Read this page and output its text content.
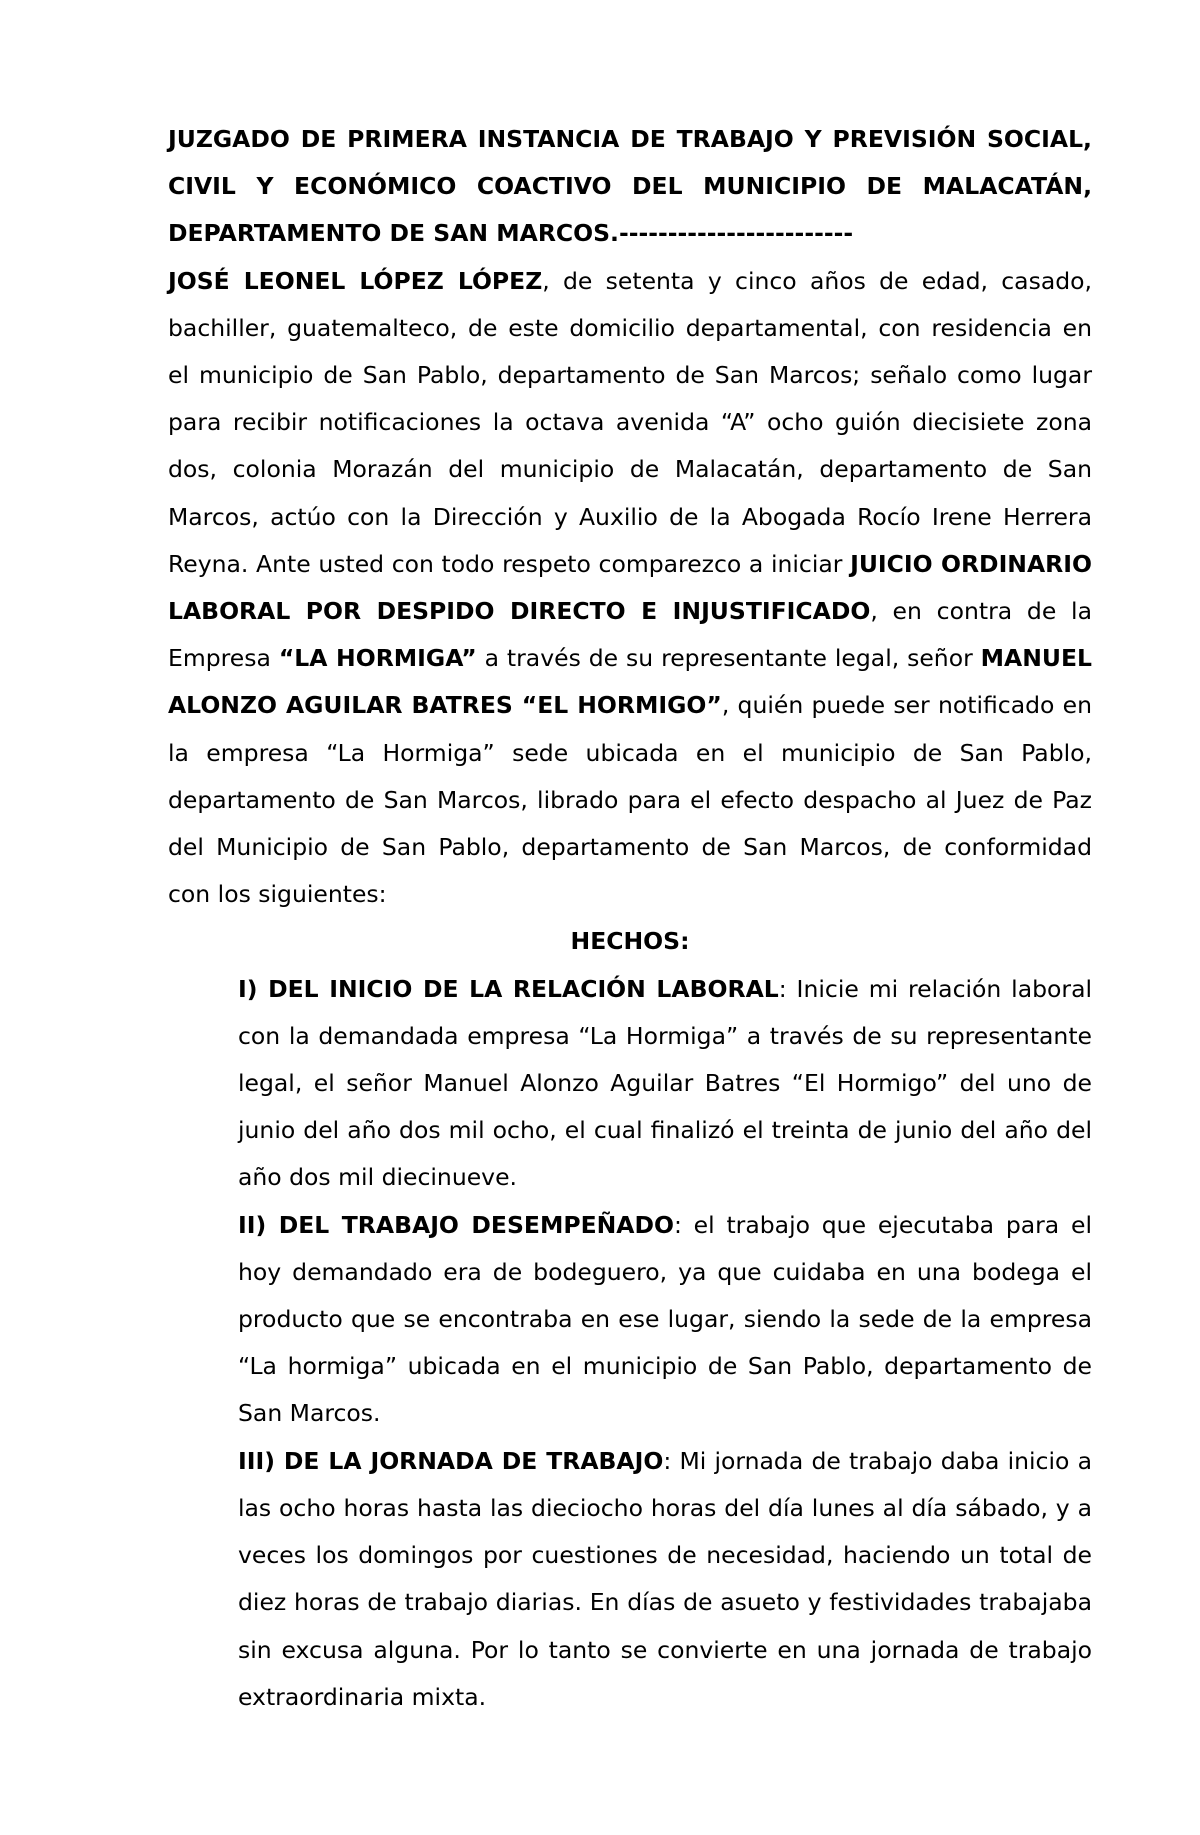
JUZGADO DE PRIMERA INSTANCIA DE TRABAJO Y PREVISIÓN SOCIAL, CIVIL Y ECONÓMICO COACTIVO DEL MUNICIPIO DE MALACATÁN, DEPARTAMENTO DE SAN MARCOS.------------------------

JOSÉ LEONEL LÓPEZ LÓPEZ, de setenta y cinco años de edad, casado, bachiller, guatemalteco, de este domicilio departamental, con residencia en el municipio de San Pablo, departamento de San Marcos; señalo como lugar para recibir notificaciones la octava avenida “A” ocho guión diecisiete zona dos, colonia Morazán del municipio de Malacatán, departamento de San Marcos, actúo con la Dirección y Auxilio de la Abogada Rocío Irene Herrera Reyna. Ante usted con todo respeto comparezco a iniciar JUICIO ORDINARIO LABORAL POR DESPIDO DIRECTO E INJUSTIFICADO, en contra de la Empresa “LA HORMIGA” a través de su representante legal, señor MANUEL ALONZO AGUILAR BATRES “EL HORMIGO”, quién puede ser notificado en la empresa “La Hormiga” sede ubicada en el municipio de San Pablo, departamento de San Marcos, librado para el efecto despacho al Juez de Paz del Municipio de San Pablo, departamento de San Marcos, de conformidad con los siguientes:

HECHOS:

I) DEL INICIO DE LA RELACIÓN LABORAL: Inicie mi relación laboral con la demandada empresa “La Hormiga” a través de su representante legal, el señor Manuel Alonzo Aguilar Batres “El Hormigo” del uno de junio del año dos mil ocho, el cual finalizó el treinta de junio del año del año dos mil diecinueve.

II) DEL TRABAJO DESEMPEÑADO: el trabajo que ejecutaba para el hoy demandado era de bodeguero, ya que cuidaba en una bodega el producto que se encontraba en ese lugar, siendo la sede de la empresa “La hormiga” ubicada en el municipio de San Pablo, departamento de San Marcos.

III) DE LA JORNADA DE TRABAJO: Mi jornada de trabajo daba inicio a las ocho horas hasta las dieciocho horas del día lunes al día sábado, y a veces los domingos por cuestiones de necesidad, haciendo un total de diez horas de trabajo diarias. En días de asueto y festividades trabajaba sin excusa alguna. Por lo tanto se convierte en una jornada de trabajo extraordinaria mixta.
